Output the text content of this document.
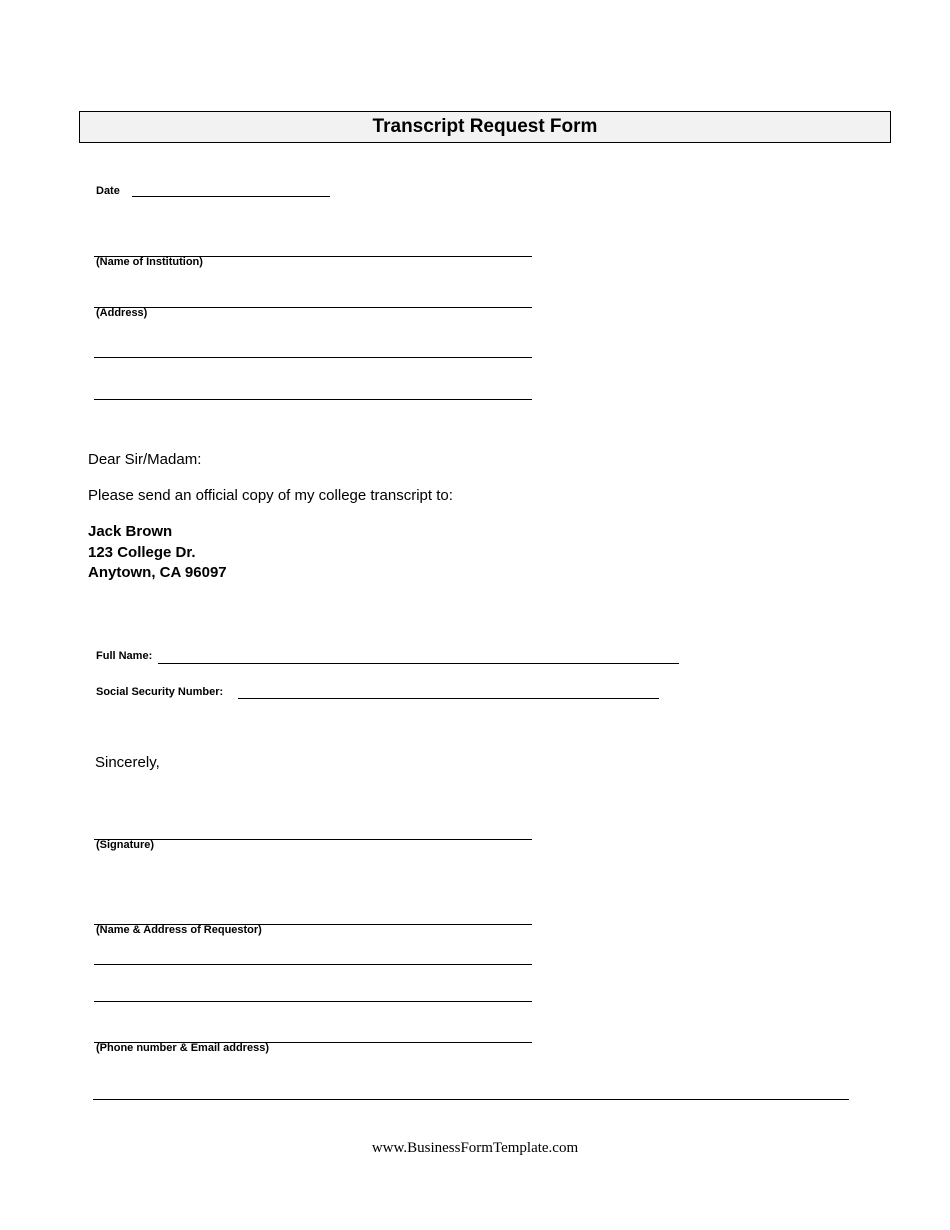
Transcript Request Form
Date
(Name of Institution)
(Address)
Dear Sir/Madam:
Please send an official copy of my college transcript to:
Jack Brown
123 College Dr.
Anytown, CA 96097
Full Name:
Social Security Number:
Sincerely,
(Signature)
(Name & Address of Requestor)
(Phone number & Email address)
www.BusinessFormTemplate.com
